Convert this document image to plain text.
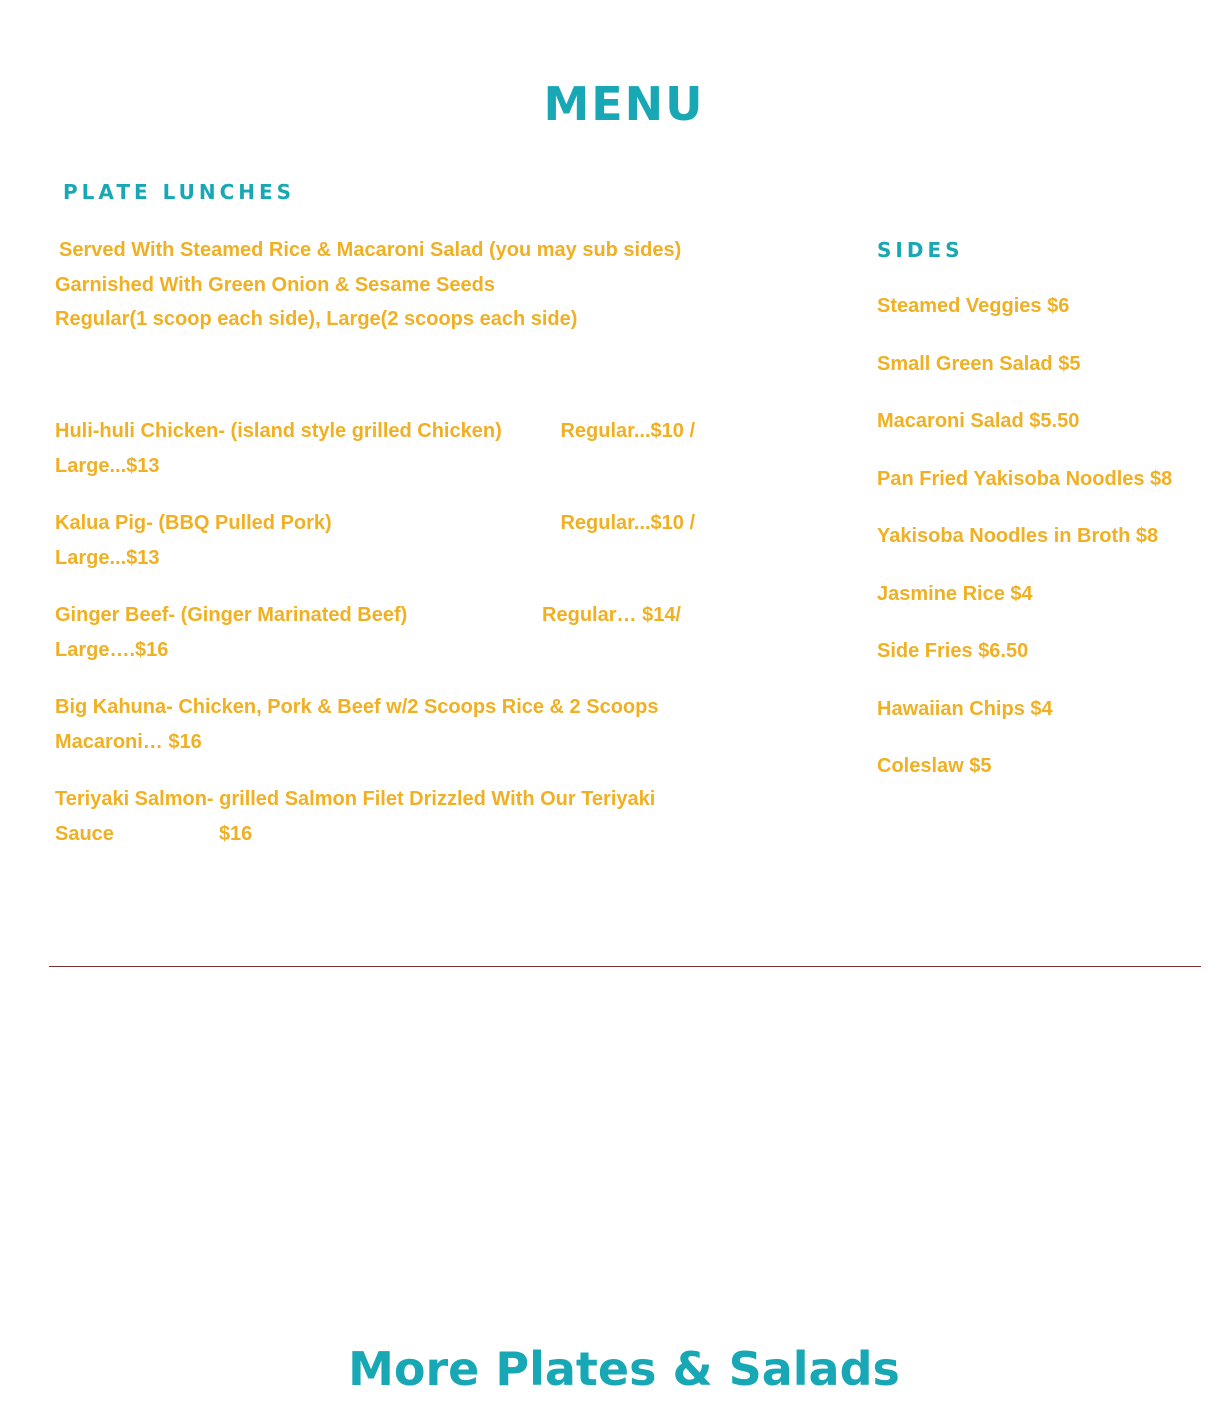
MENU
PLATE LUNCHES
Served With Steamed Rice & Macaroni Salad (you may sub sides)
Garnished With Green Onion & Sesame Seeds
Regular(1 scoop each side), Large(2 scoops each side)
Huli-huli Chicken- (island style grilled Chicken)	Regular...$10 /
Large...$13
Kalua Pig- (BBQ Pulled Pork)	Regular...$10 /
Large...$13
Ginger Beef- (Ginger Marinated Beef)	Regular… $14/
Large….$16
Big Kahuna- Chicken, Pork & Beef w/2 Scoops Rice & 2 Scoops
Macaroni… $16
Teriyaki Salmon- grilled Salmon Filet Drizzled With Our Teriyaki
Sauce	$16
SIDES
Steamed Veggies $6
Small Green Salad $5
Macaroni Salad $5.50
Pan Fried Yakisoba Noodles $8
Yakisoba Noodles in Broth $8
Jasmine Rice $4
Side Fries $6.50
Hawaiian Chips $4
Coleslaw $5
More Plates & Salads
